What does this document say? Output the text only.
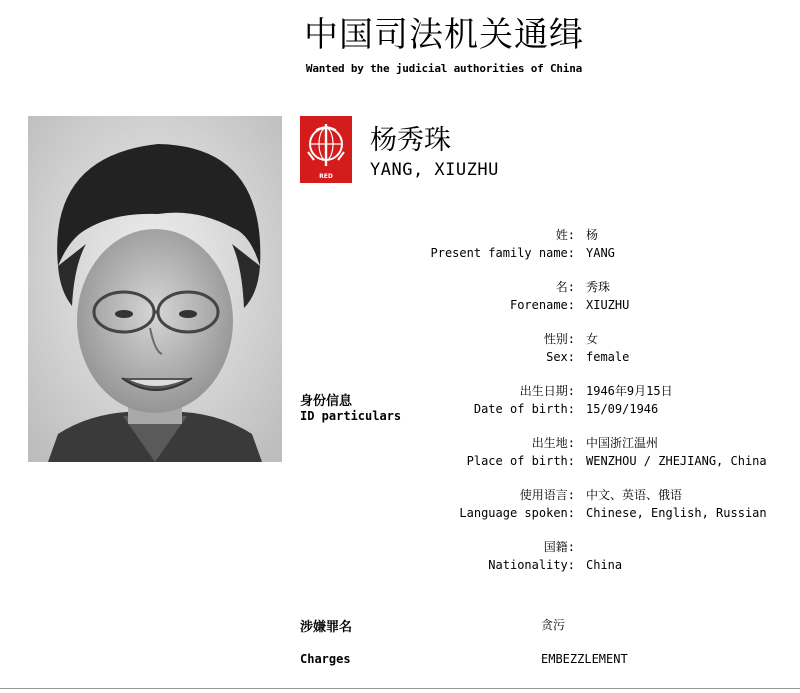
中国司法机关通缉
Wanted by the judicial authorities of China
RED
杨秀珠
YANG, XIUZHU
身份信息
ID particulars
姓: 杨
Present family name: YANG
名: 秀珠
Forename: XIUZHU
性别: 女
Sex: female
出生日期: 1946年9月15日
Date of birth: 15/09/1946
出生地: 中国浙江温州
Place of birth: WENZHOU / ZHEJIANG, China
使用语言: 中文、英语、俄语
Language spoken: Chinese, English, Russian
国籍:
Nationality: China
涉嫌罪名	贪污
Charges	EMBEZZLEMENT
